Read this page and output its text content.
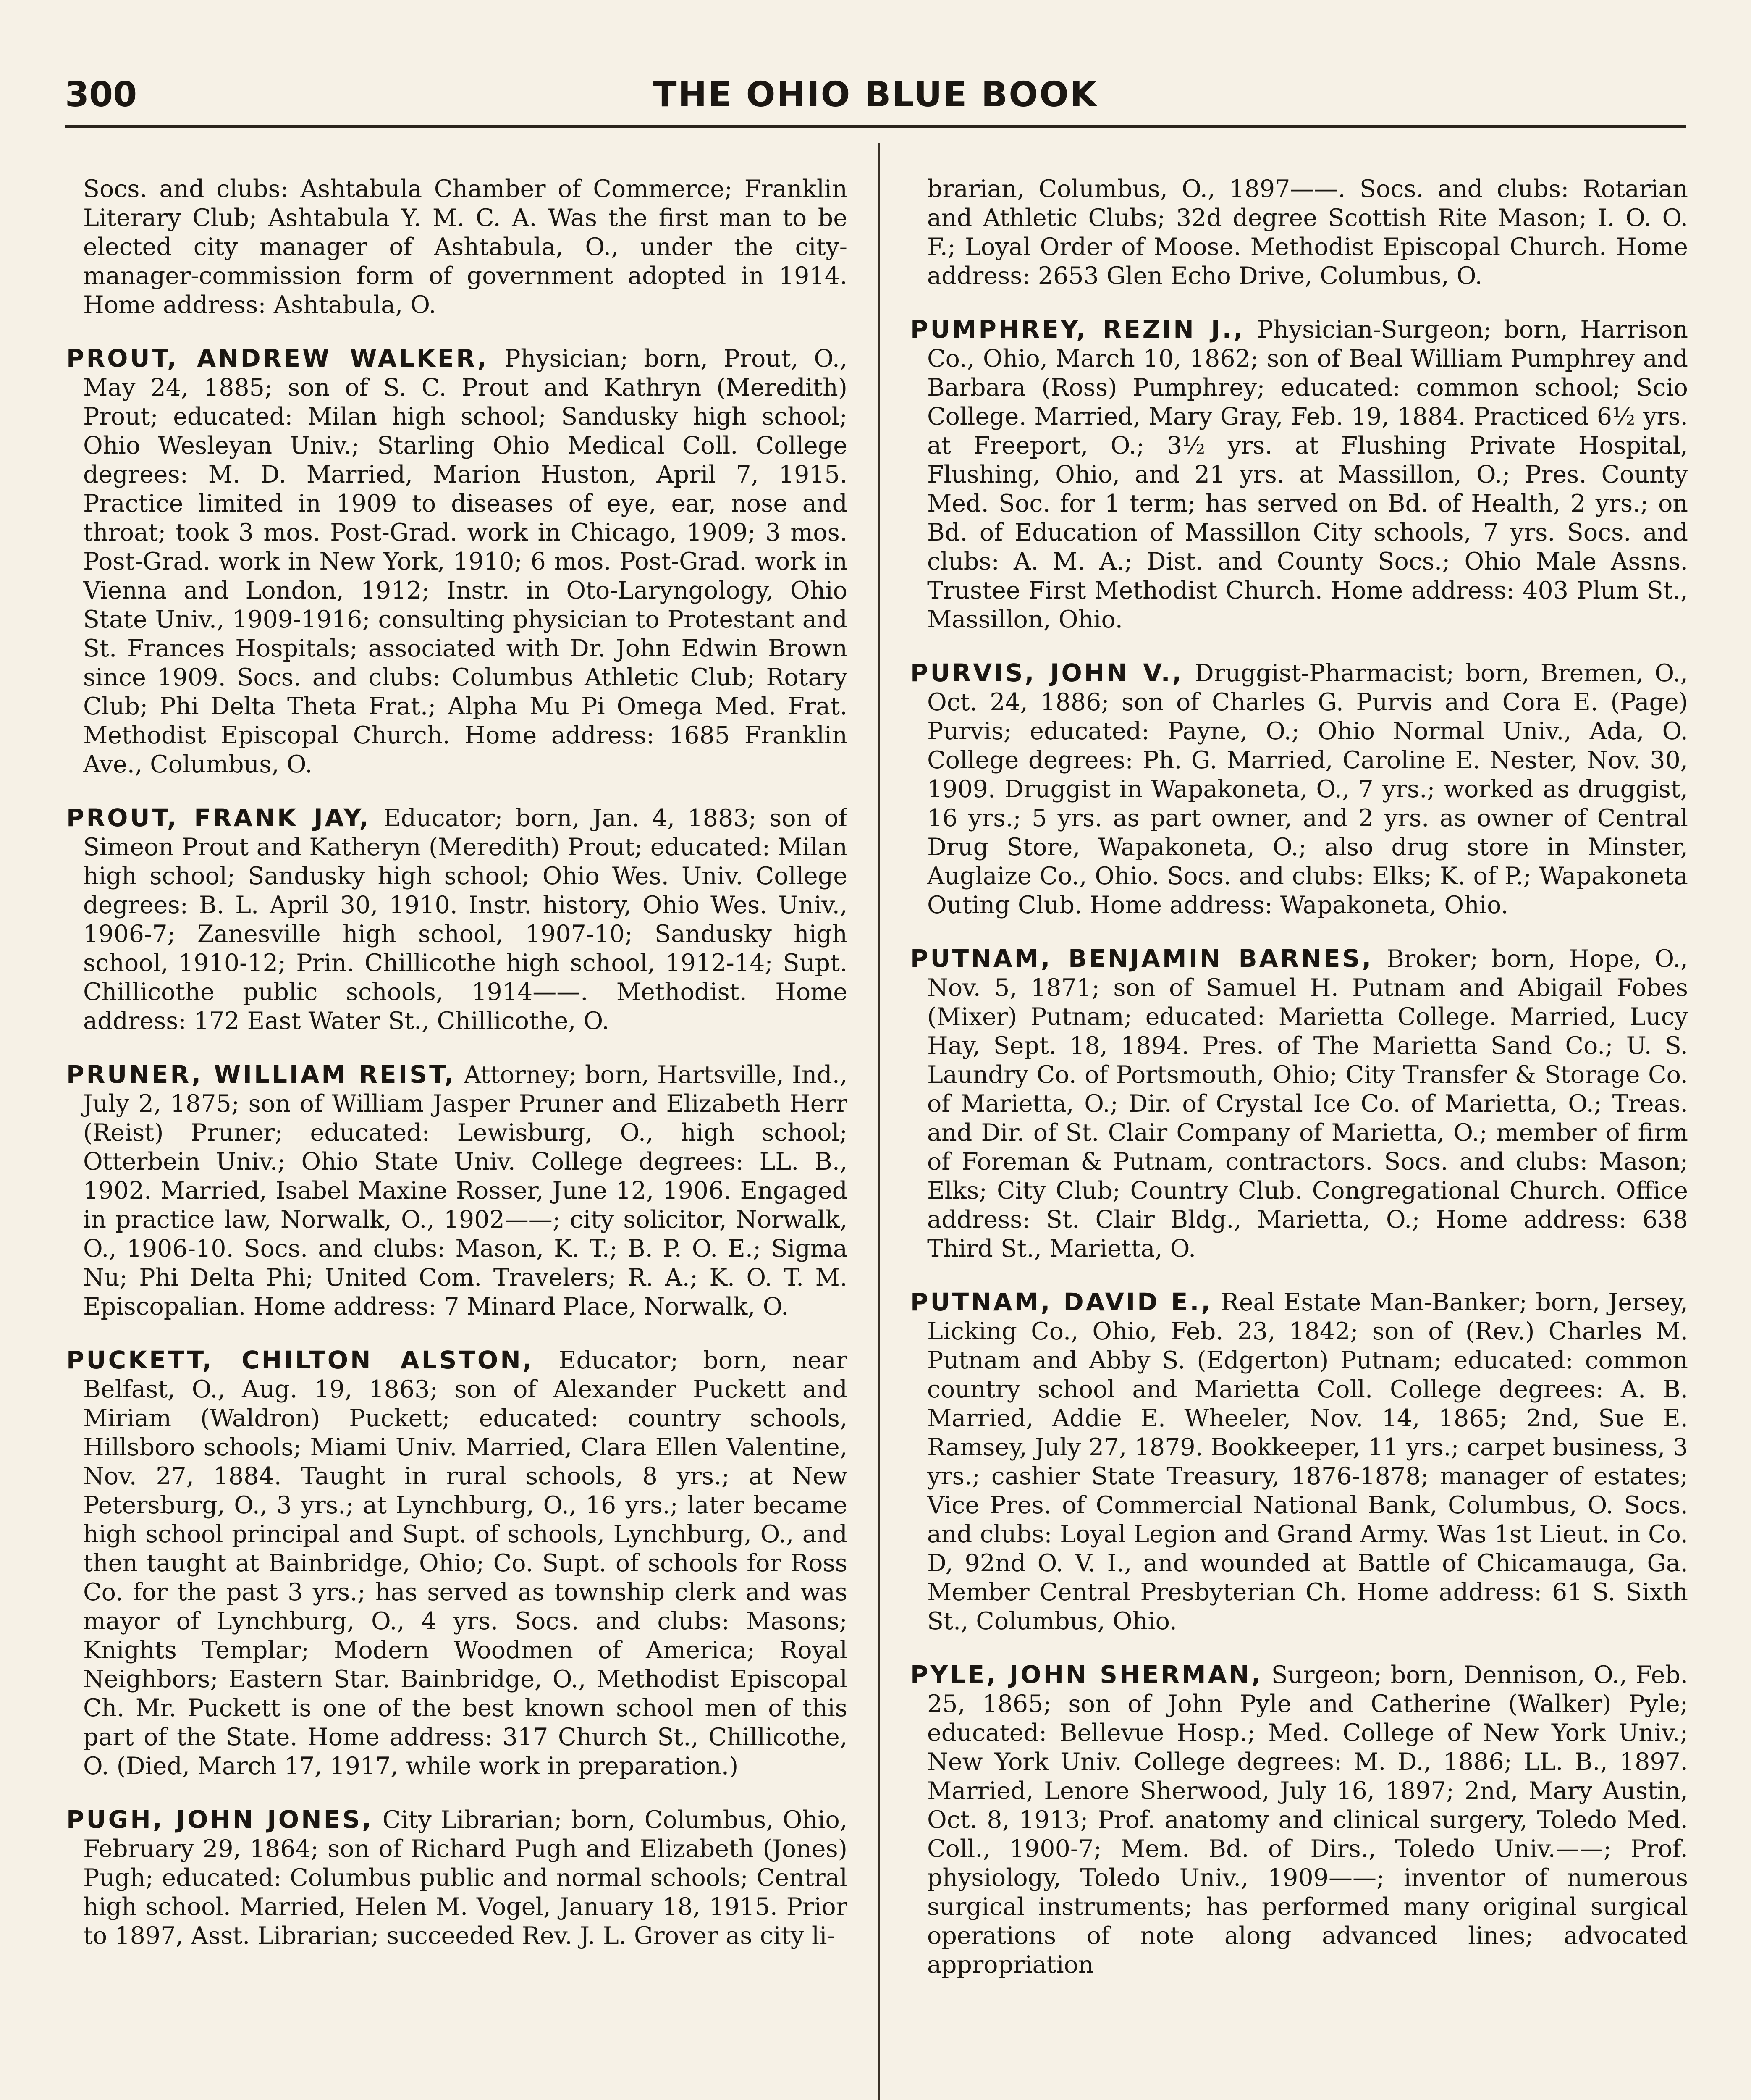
300	THE OHIO BLUE BOOK

Socs. and clubs: Ashtabula Chamber of Commerce; Franklin Literary Club; Ashtabula Y. M. C. A. Was the first man to be elected city manager of Ashtabula, O., under the city-manager-commission form of government adopted in 1914. Home address: Ashtabula, O.

PROUT, ANDREW WALKER, Physician; born, Prout, O., May 24, 1885; son of S. C. Prout and Kathryn (Meredith) Prout; educated: Milan high school; Sandusky high school; Ohio Wesleyan Univ.; Starling Ohio Medical Coll. College degrees: M. D. Married, Marion Huston, April 7, 1915. Practice limited in 1909 to diseases of eye, ear, nose and throat; took 3 mos. Post-Grad. work in Chicago, 1909; 3 mos. Post-Grad. work in New York, 1910; 6 mos. Post-Grad. work in Vienna and London, 1912; Instr. in Oto-Laryngology, Ohio State Univ., 1909-1916; consulting physician to Protestant and St. Frances Hospitals; associated with Dr. John Edwin Brown since 1909. Socs. and clubs: Columbus Athletic Club; Rotary Club; Phi Delta Theta Frat.; Alpha Mu Pi Omega Med. Frat. Methodist Episcopal Church. Home address: 1685 Franklin Ave., Columbus, O.

PROUT, FRANK JAY, Educator; born, Jan. 4, 1883; son of Simeon Prout and Katheryn (Meredith) Prout; educated: Milan high school; Sandusky high school; Ohio Wes. Univ. College degrees: B. L. April 30, 1910. Instr. history, Ohio Wes. Univ., 1906-7; Zanesville high school, 1907-10; Sandusky high school, 1910-12; Prin. Chillicothe high school, 1912-14; Supt. Chillicothe public schools, 1914——. Methodist. Home address: 172 East Water St., Chillicothe, O.

PRUNER, WILLIAM REIST, Attorney; born, Hartsville, Ind., July 2, 1875; son of William Jasper Pruner and Elizabeth Herr (Reist) Pruner; educated: Lewisburg, O., high school; Otterbein Univ.; Ohio State Univ. College degrees: LL. B., 1902. Married, Isabel Maxine Rosser, June 12, 1906. Engaged in practice law, Norwalk, O., 1902——; city solicitor, Norwalk, O., 1906-10. Socs. and clubs: Mason, K. T.; B. P. O. E.; Sigma Nu; Phi Delta Phi; United Com. Travelers; R. A.; K. O. T. M. Episcopalian. Home address: 7 Minard Place, Norwalk, O.

PUCKETT, CHILTON ALSTON, Educator; born, near Belfast, O., Aug. 19, 1863; son of Alexander Puckett and Miriam (Waldron) Puckett; educated: country schools, Hillsboro schools; Miami Univ. Married, Clara Ellen Valentine, Nov. 27, 1884. Taught in rural schools, 8 yrs.; at New Petersburg, O., 3 yrs.; at Lynchburg, O., 16 yrs.; later became high school principal and Supt. of schools, Lynchburg, O., and then taught at Bainbridge, Ohio; Co. Supt. of schools for Ross Co. for the past 3 yrs.; has served as township clerk and was mayor of Lynchburg, O., 4 yrs. Socs. and clubs: Masons; Knights Templar; Modern Woodmen of America; Royal Neighbors; Eastern Star. Bainbridge, O., Methodist Episcopal Ch. Mr. Puckett is one of the best known school men of this part of the State. Home address: 317 Church St., Chillicothe, O. (Died, March 17, 1917, while work in preparation.)

PUGH, JOHN JONES, City Librarian; born, Columbus, Ohio, February 29, 1864; son of Richard Pugh and Elizabeth (Jones) Pugh; educated: Columbus public and normal schools; Central high school. Married, Helen M. Vogel, January 18, 1915. Prior to 1897, Asst. Librarian; succeeded Rev. J. L. Grover as city li-

brarian, Columbus, O., 1897——. Socs. and clubs: Rotarian and Athletic Clubs; 32d degree Scottish Rite Mason; I. O. O. F.; Loyal Order of Moose. Methodist Episcopal Church. Home address: 2653 Glen Echo Drive, Columbus, O.

PUMPHREY, REZIN J., Physician-Surgeon; born, Harrison Co., Ohio, March 10, 1862; son of Beal William Pumphrey and Barbara (Ross) Pumphrey; educated: common school; Scio College. Married, Mary Gray, Feb. 19, 1884. Practiced 6½ yrs. at Freeport, O.; 3½ yrs. at Flushing Private Hospital, Flushing, Ohio, and 21 yrs. at Massillon, O.; Pres. County Med. Soc. for 1 term; has served on Bd. of Health, 2 yrs.; on Bd. of Education of Massillon City schools, 7 yrs. Socs. and clubs: A. M. A.; Dist. and County Socs.; Ohio Male Assns. Trustee First Methodist Church. Home address: 403 Plum St., Massillon, Ohio.

PURVIS, JOHN V., Druggist-Pharmacist; born, Bremen, O., Oct. 24, 1886; son of Charles G. Purvis and Cora E. (Page) Purvis; educated: Payne, O.; Ohio Normal Univ., Ada, O. College degrees: Ph. G. Married, Caroline E. Nester, Nov. 30, 1909. Druggist in Wapakoneta, O., 7 yrs.; worked as druggist, 16 yrs.; 5 yrs. as part owner, and 2 yrs. as owner of Central Drug Store, Wapakoneta, O.; also drug store in Minster, Auglaize Co., Ohio. Socs. and clubs: Elks; K. of P.; Wapakoneta Outing Club. Home address: Wapakoneta, Ohio.

PUTNAM, BENJAMIN BARNES, Broker; born, Hope, O., Nov. 5, 1871; son of Samuel H. Putnam and Abigail Fobes (Mixer) Putnam; educated: Marietta College. Married, Lucy Hay, Sept. 18, 1894. Pres. of The Marietta Sand Co.; U. S. Laundry Co. of Portsmouth, Ohio; City Transfer & Storage Co. of Marietta, O.; Dir. of Crystal Ice Co. of Marietta, O.; Treas. and Dir. of St. Clair Company of Marietta, O.; member of firm of Foreman & Putnam, contractors. Socs. and clubs: Mason; Elks; City Club; Country Club. Congregational Church. Office address: St. Clair Bldg., Marietta, O.; Home address: 638 Third St., Marietta, O.

PUTNAM, DAVID E., Real Estate Man-Banker; born, Jersey, Licking Co., Ohio, Feb. 23, 1842; son of (Rev.) Charles M. Putnam and Abby S. (Edgerton) Putnam; educated: common country school and Marietta Coll. College degrees: A. B. Married, Addie E. Wheeler, Nov. 14, 1865; 2nd, Sue E. Ramsey, July 27, 1879. Bookkeeper, 11 yrs.; carpet business, 3 yrs.; cashier State Treasury, 1876-1878; manager of estates; Vice Pres. of Commercial National Bank, Columbus, O. Socs. and clubs: Loyal Legion and Grand Army. Was 1st Lieut. in Co. D, 92nd O. V. I., and wounded at Battle of Chicamauga, Ga. Member Central Presbyterian Ch. Home address: 61 S. Sixth St., Columbus, Ohio.

PYLE, JOHN SHERMAN, Surgeon; born, Dennison, O., Feb. 25, 1865; son of John Pyle and Catherine (Walker) Pyle; educated: Bellevue Hosp.; Med. College of New York Univ.; New York Univ. College degrees: M. D., 1886; LL. B., 1897. Married, Lenore Sherwood, July 16, 1897; 2nd, Mary Austin, Oct. 8, 1913; Prof. anatomy and clinical surgery, Toledo Med. Coll., 1900-7; Mem. Bd. of Dirs., Toledo Univ.——; Prof. physiology, Toledo Univ., 1909——; inventor of numerous surgical instruments; has performed many original surgical operations of note along advanced lines; advocated appropriation
